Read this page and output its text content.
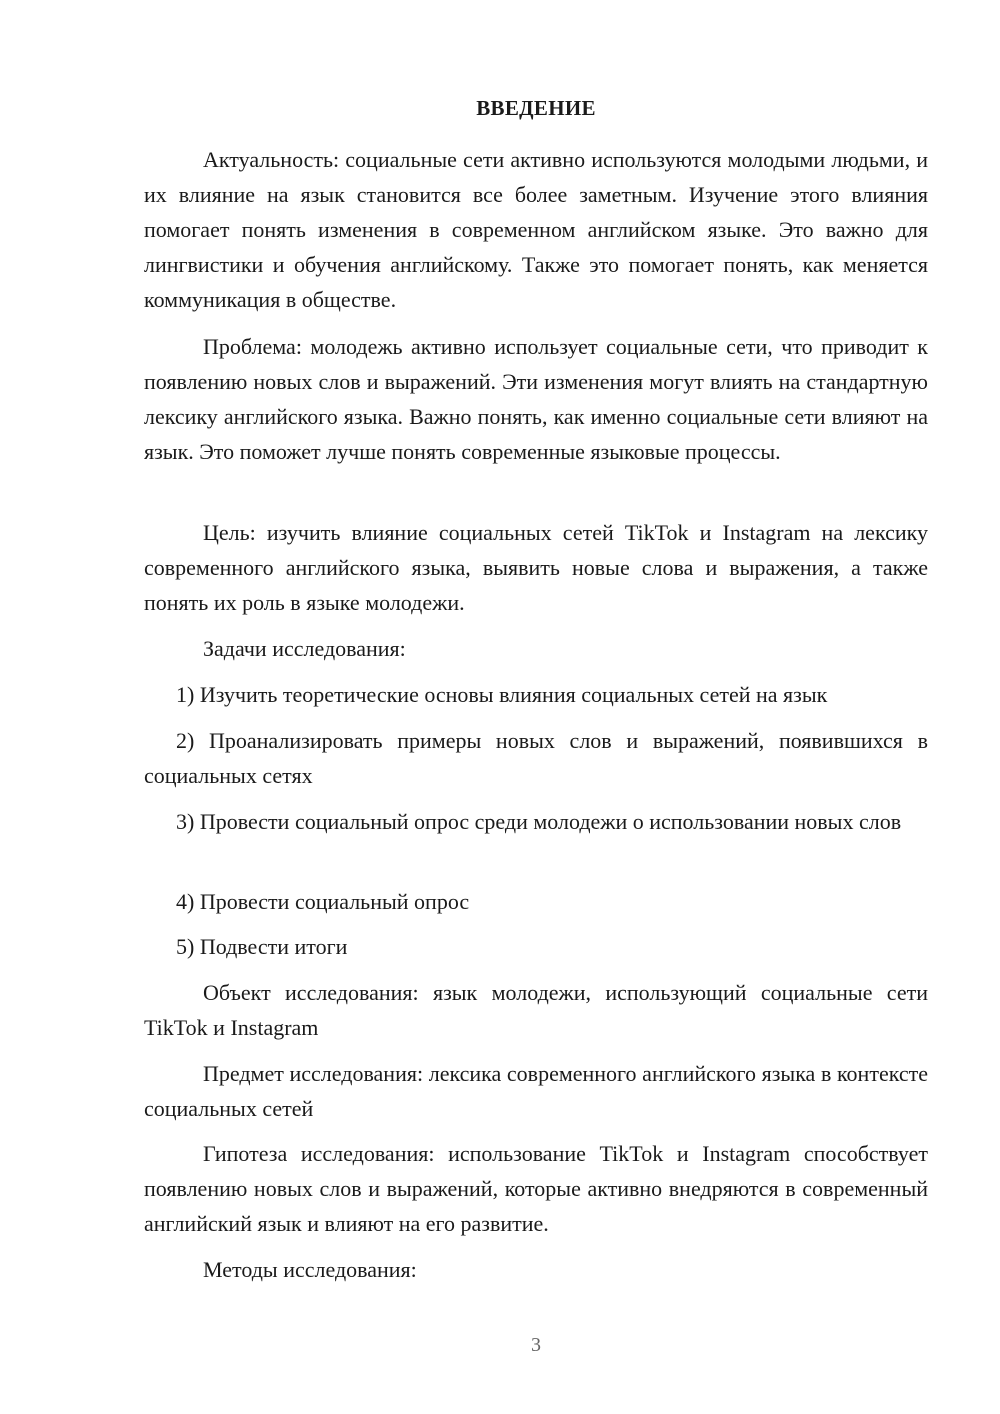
ВВЕДЕНИЕ

Актуальность: социальные сети активно используются молодыми людьми, и их влияние на язык становится все более заметным. Изучение этого влияния помогает понять изменения в современном английском языке. Это важно для лингвистики и обучения английскому. Также это помогает понять, как меняется коммуникация в обществе.

Проблема: молодежь активно использует социальные сети, что приводит к появлению новых слов и выражений. Эти изменения могут влиять на стандартную лексику английского языка. Важно понять, как именно социальные сети влияют на язык. Это поможет лучше понять современные языковые процессы.

Цель: изучить влияние социальных сетей TikTok и Instagram на лексику современного английского языка, выявить новые слова и выражения, а также понять их роль в языке молодежи.

Задачи исследования:

1) Изучить теоретические основы влияния социальных сетей на язык

2) Проанализировать примеры новых слов и выражений, появившихся в социальных сетях

3) Провести социальный опрос среди молодежи о использовании новых слов

4) Провести социальный опрос

5) Подвести итоги

Объект исследования: язык молодежи, использующий социальные сети TikTok и Instagram

Предмет исследования: лексика современного английского языка в контексте социальных сетей

Гипотеза исследования: использование TikTok и Instagram способствует появлению новых слов и выражений, которые активно внедряются в современный английский язык и влияют на его развитие.

Методы исследования:

3
